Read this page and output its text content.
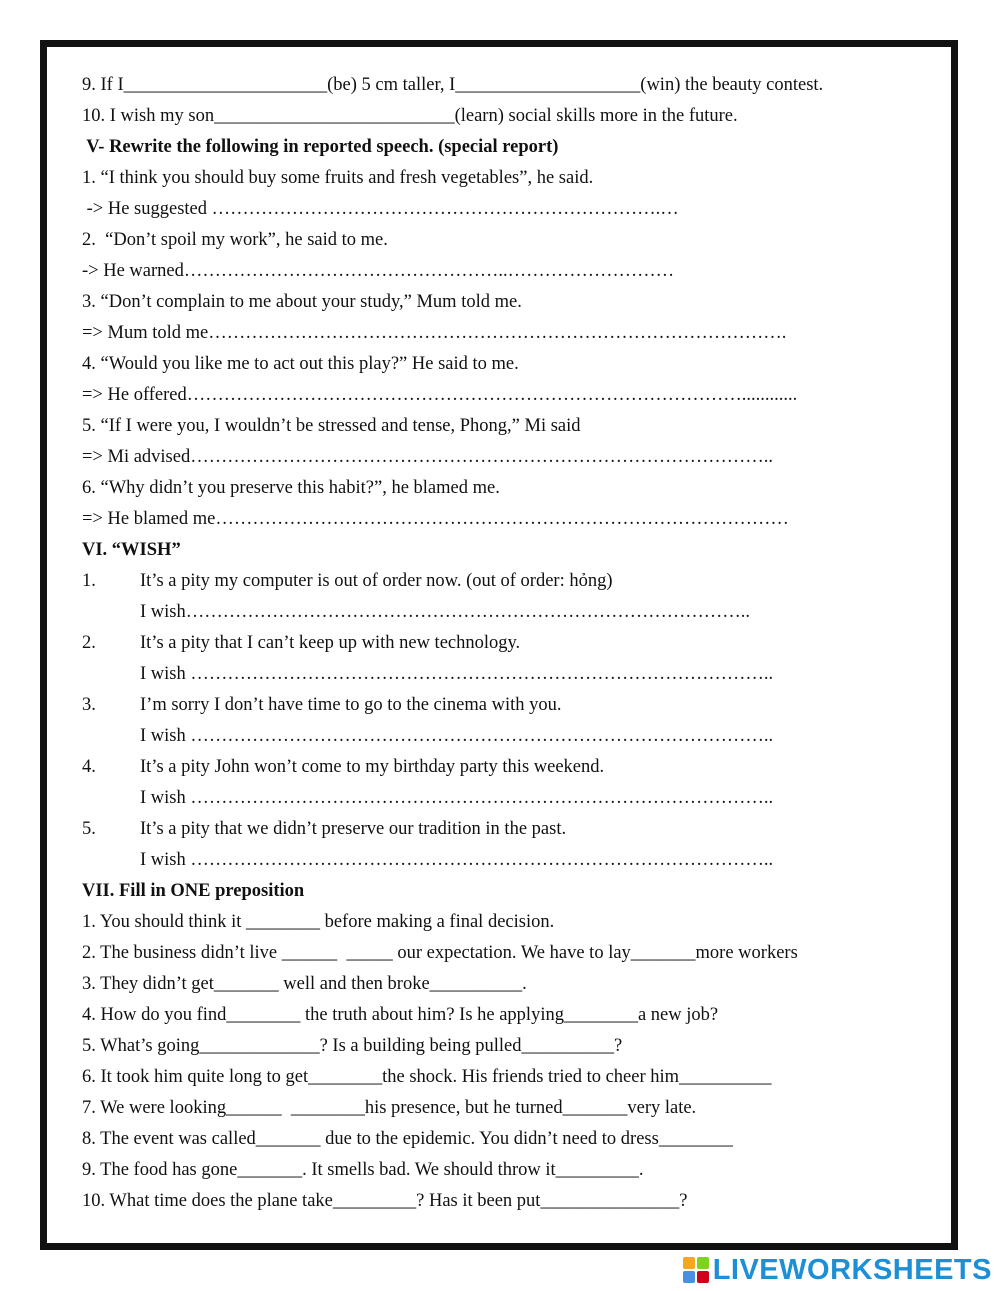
9. If I______________________(be) 5 cm taller, I____________________(win) the beauty contest.
10. I wish my son__________________________(learn) social skills more in the future.
V- Rewrite the following in reported speech. (special report)
1. “I think you should buy some fruits and fresh vegetables”, he said.
-> He suggested ……………………………………………………………….…
2.  “Don’t spoil my work”, he said to me.
-> He warned……………………………………………..………………………
3. “Don’t complain to me about your study,” Mum told me.
=> Mum told me………………………………………………………………………………….
4. “Would you like me to act out this play?” He said to me.
=> He offered………………………………………………………………………………............
5. “If I were you, I wouldn’t be stressed and tense, Phong,” Mi said
=> Mi advised…………………………………………………………………………………..
6. “Why didn’t you preserve this habit?”, he blamed me.
=> He blamed me…………………………………………………………………………………
VI. “WISH”
1. It’s a pity my computer is out of order now. (out of order: hỏng)
I wish………………………………………………………………………………..
2. It’s a pity that I can’t keep up with new technology.
I wish …………………………………………………………………………………..
3. I’m sorry I don’t have time to go to the cinema with you.
I wish …………………………………………………………………………………..
4. It’s a pity John won’t come to my birthday party this weekend.
I wish …………………………………………………………………………………..
5. It’s a pity that we didn’t preserve our tradition in the past.
I wish …………………………………………………………………………………..
VII. Fill in ONE preposition
1. You should think it ________ before making a final decision.
2. The business didn’t live ______  _____ our expectation. We have to lay_______more workers
3. They didn’t get_______ well and then broke__________.
4. How do you find________ the truth about him? Is he applying________a new job?
5. What’s going_____________? Is a building being pulled__________?
6. It took him quite long to get________the shock. His friends tried to cheer him__________
7. We were looking______  ________his presence, but he turned_______very late.
8. The event was called_______ due to the epidemic. You didn’t need to dress________
9. The food has gone_______. It smells bad. We should throw it_________.
10. What time does the plane take_________? Has it been put_______________?
LIVEWORKSHEETS
